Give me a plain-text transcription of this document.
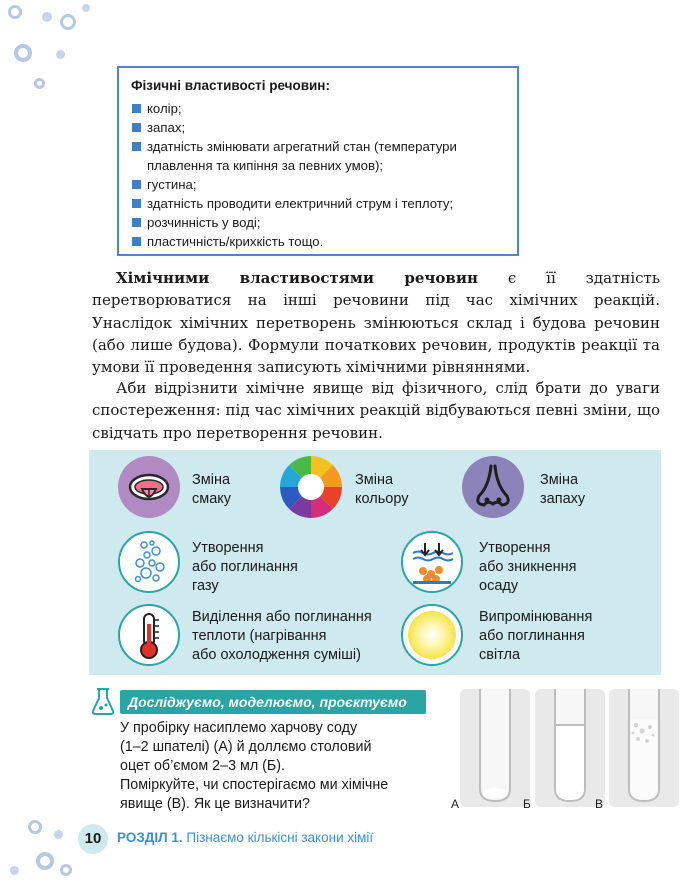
Фізичні властивості речовин:
колір;
запах;
здатність змінювати агрегатний стан (температури плавлення та кипіння за певних умов);
густина;
здатність проводити електричний струм і теплоту;
розчинність у воді;
пластичність/крихкість тощо.
Хімічними властивостями речовин є її здатність перетворюватися на інші речовини під час хімічних реакцій. Унаслідок хімічних перетворень змінюються склад і будова речовин (або лише будова). Формули початкових речовин, продуктів реакції та умови її проведення записують хімічними рівняннями.
Аби відрізнити хімічне явище від фізичного, слід брати до уваги спостереження: під час хімічних реакцій відбуваються певні зміни, що свідчать про перетворення речовин.
Зміна
смаку
Зміна
кольору
Зміна
запаху
Утворення
або поглинання
газу
Утворення
або зникнення
осаду
Виділення або поглинання
теплоти (нагрівання
або охолодження суміші)
Випромінювання
або поглинання
світла
Досліджуємо, моделюємо, проєктуємо
У пробірку насиплемо харчову соду
(1–2 шпателі) (А) й доллємо столовий
оцет об’ємом 2–3 мл (Б).
Поміркуйте, чи спостерігаємо ми хімічне
явище (В). Як це визначити?	А	Б	В
10	РОЗДІЛ 1. Пізнаємо кількісні закони хімії
